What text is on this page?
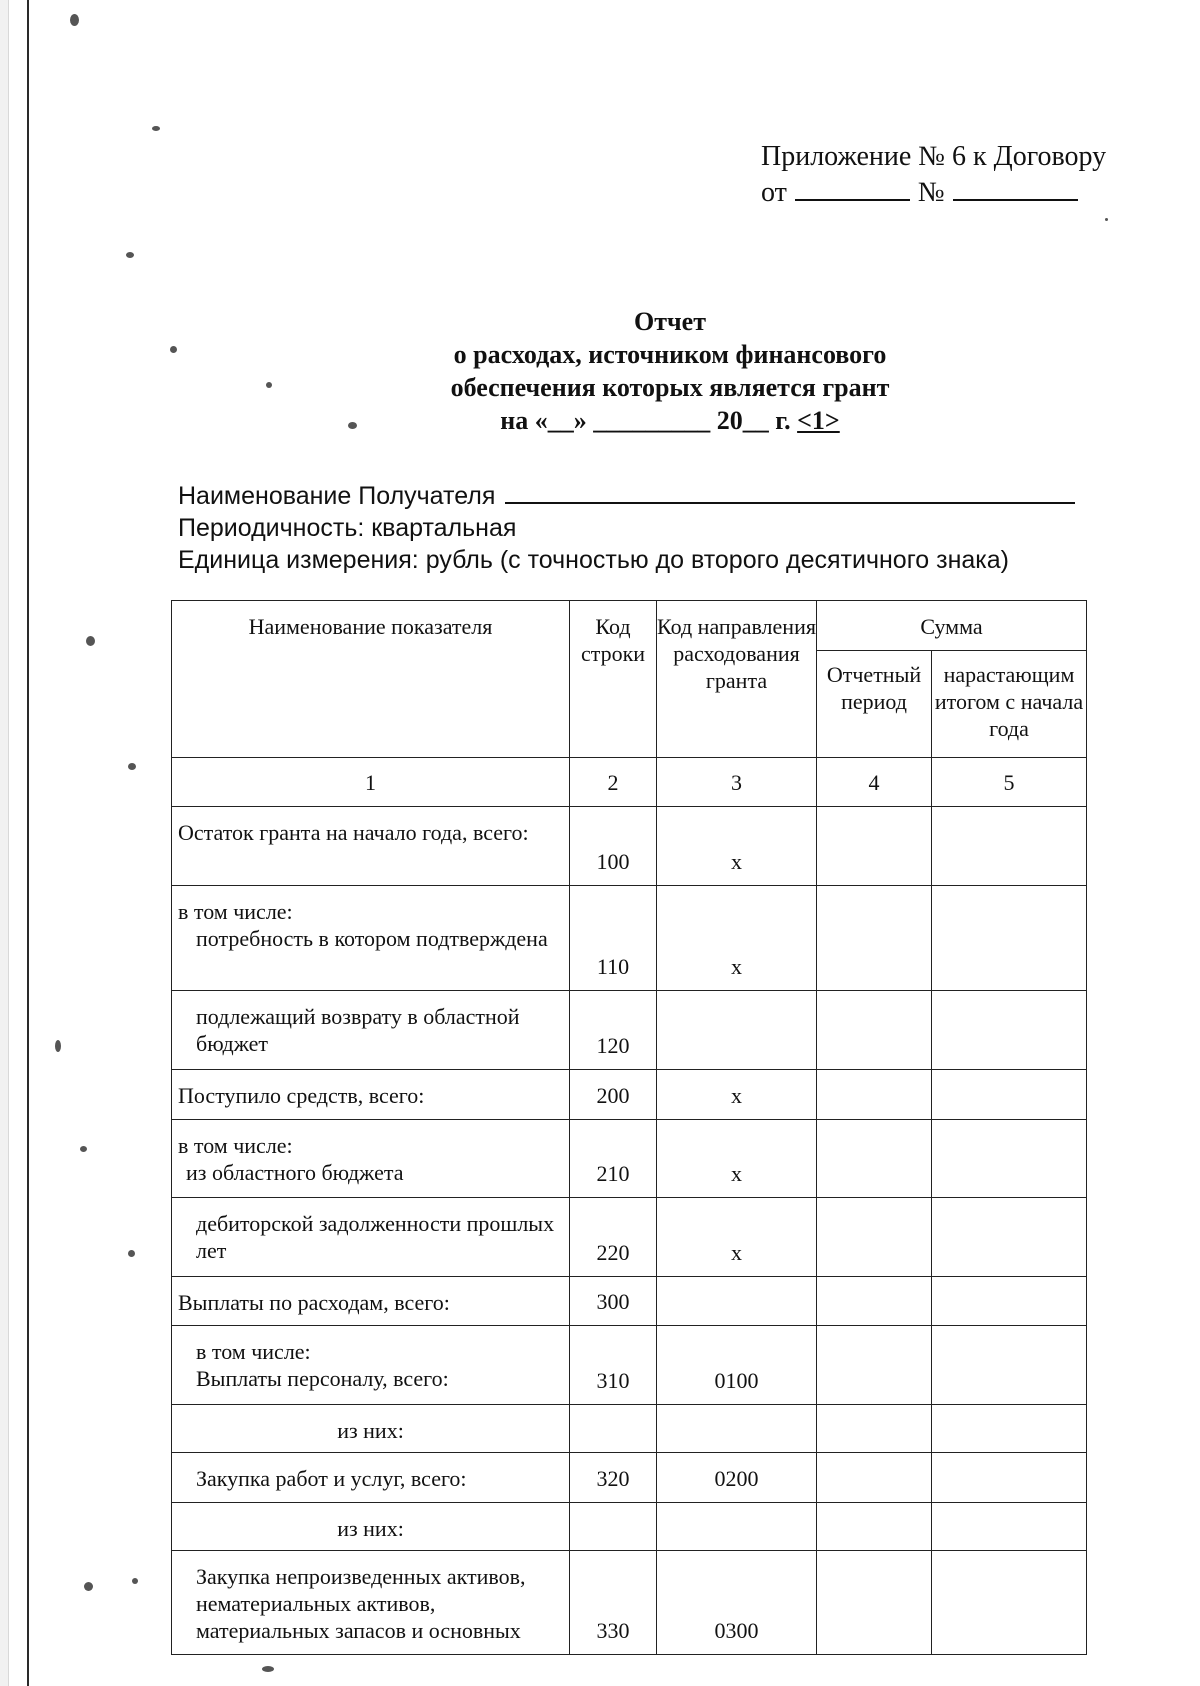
Приложение № 6 к Договору
от	№
Отчет
о расходах, источником финансового
обеспечения которых является грант
на «__» _________ 20__ г. <1>
Наименование Получателя
Периодичность: квартальная
Единица измерения: рубль (с точностью до второго десятичного знака)
Наименование показателя	Код строки	Код направления расходования гранта	Сумма	
			Отчетный период	нарастающим итогом с начала года
1	2	3	4	5
Остаток гранта на начало года, всего:	100	x		

в том числе:
потребность в котором подтверждена	110	x		
подлежащий возврату в областной бюджет	120			
Поступило средств, всего:	200	x		

в том числе:
из областного бюджета	210	x		
дебиторской задолженности прошлых лет	220	x		
Выплаты по расходам, всего:	300			

в том числе:
Выплаты персоналу, всего:	310	0100		
из них:				
Закупка работ и услуг, всего:	320	0200		
из них:				
Закупка непроизведенных активов, нематериальных активов, материальных запасов и основных	330	0300		
